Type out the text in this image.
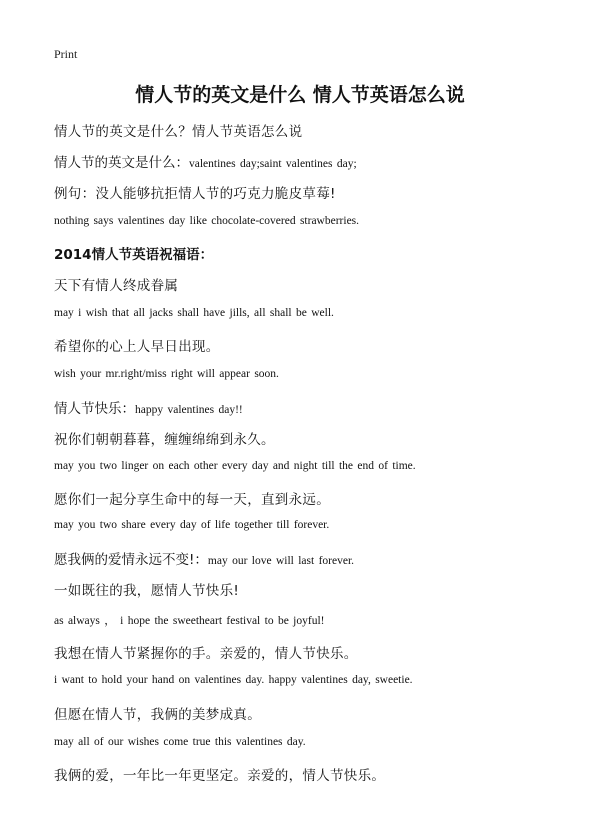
Print
情人节的英文是什么 情人节英语怎么说
情人节的英文是什么？情人节英语怎么说
情人节的英文是什么：valentines day;saint valentines day;
例句：没人能够抗拒情人节的巧克力脆皮草莓!
nothing says valentines day like chocolate-covered strawberries.
2014情人节英语祝福语：
天下有情人终成眷属
may i wish that all jacks shall have jills, all shall be well.
希望你的心上人早日出现。
wish your mr.right/miss right will appear soon.
情人节快乐：happy valentines day!!
祝你们朝朝暮暮，缠缠绵绵到永久。
may you two linger on each other every day and night till the end of time.
愿你们一起分享生命中的每一天，直到永远。
may you two share every day of life together till forever.
愿我俩的爱情永远不变!：may our love will last forever.
一如既往的我，愿情人节快乐!
as always ， i hope the sweetheart festival to be joyful!
我想在情人节紧握你的手。亲爱的，情人节快乐。
i want to hold your hand on valentines day. happy valentines day, sweetie.
但愿在情人节，我俩的美梦成真。
may all of our wishes come true this valentines day.
我俩的爱，一年比一年更坚定。亲爱的，情人节快乐。
